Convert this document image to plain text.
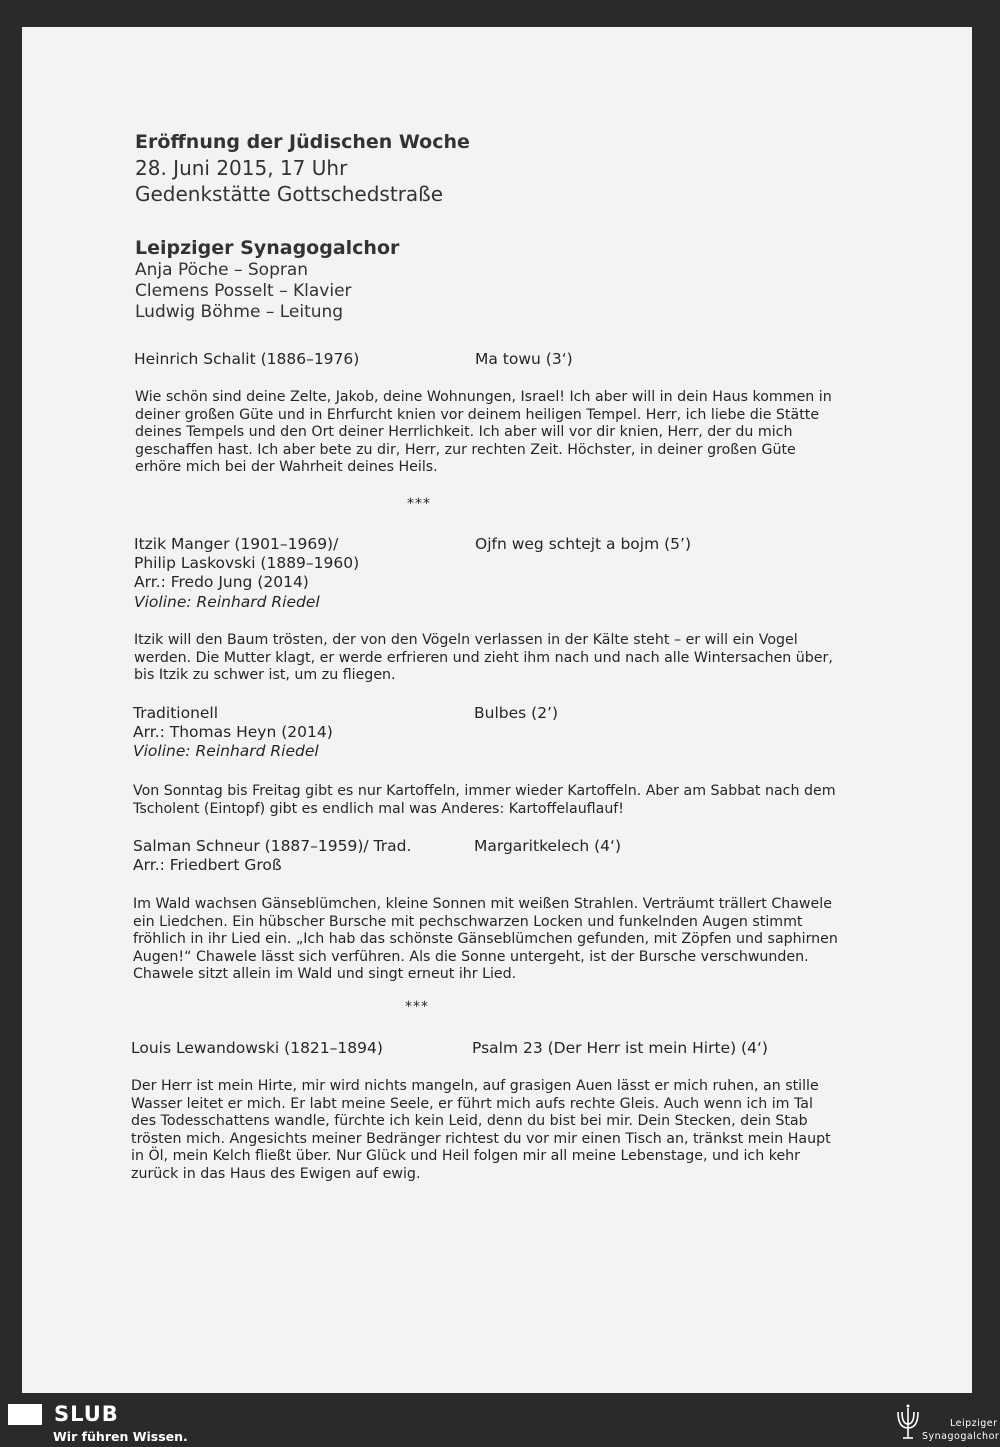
Eröffnung der Jüdischen Woche
28. Juni 2015, 17 Uhr
Gedenkstätte Gottschedstraße
Leipziger Synagogalchor
Anja Pöche – Sopran
Clemens Posselt – Klavier
Ludwig Böhme – Leitung
Heinrich Schalit (1886–1976)	Ma towu (3‘)
Wie schön sind deine Zelte, Jakob, deine Wohnungen, Israel! Ich aber will in dein Haus kommen in
deiner großen Güte und in Ehrfurcht knien vor deinem heiligen Tempel. Herr, ich liebe die Stätte
deines Tempels und den Ort deiner Herrlichkeit. Ich aber will vor dir knien, Herr, der du mich
geschaffen hast. Ich aber bete zu dir, Herr, zur rechten Zeit. Höchster, in deiner großen Güte
erhöre mich bei der Wahrheit deines Heils.
***
Itzik Manger (1901–1969)/
Philip Laskovski (1889–1960)
Arr.: Fredo Jung (2014)
Violine: Reinhard Riedel
Ojfn weg schtejt a bojm (5’)
Itzik will den Baum trösten, der von den Vögeln verlassen in der Kälte steht – er will ein Vogel
werden. Die Mutter klagt, er werde erfrieren und zieht ihm nach und nach alle Wintersachen über,
bis Itzik zu schwer ist, um zu fliegen.
Traditionell
Arr.: Thomas Heyn (2014)
Violine: Reinhard Riedel
Bulbes (2’)
Von Sonntag bis Freitag gibt es nur Kartoffeln, immer wieder Kartoffeln. Aber am Sabbat nach dem
Tscholent (Eintopf) gibt es endlich mal was Anderes: Kartoffelauflauf!
Salman Schneur (1887–1959)/ Trad.
Arr.: Friedbert Groß
Margaritkelech (4‘)
Im Wald wachsen Gänseblümchen, kleine Sonnen mit weißen Strahlen. Verträumt trällert Chawele
ein Liedchen. Ein hübscher Bursche mit pechschwarzen Locken und funkelnden Augen stimmt
fröhlich in ihr Lied ein. „Ich hab das schönste Gänseblümchen gefunden, mit Zöpfen und saphirnen
Augen!“ Chawele lässt sich verführen. Als die Sonne untergeht, ist der Bursche verschwunden.
Chawele sitzt allein im Wald und singt erneut ihr Lied.
***
Louis Lewandowski (1821–1894)	Psalm 23 (Der Herr ist mein Hirte) (4‘)
Der Herr ist mein Hirte, mir wird nichts mangeln, auf grasigen Auen lässt er mich ruhen, an stille
Wasser leitet er mich. Er labt meine Seele, er führt mich aufs rechte Gleis. Auch wenn ich im Tal
des Todesschattens wandle, fürchte ich kein Leid, denn du bist bei mir. Dein Stecken, dein Stab
trösten mich. Angesichts meiner Bedränger richtest du vor mir einen Tisch an, tränkst mein Haupt
in Öl, mein Kelch fließt über. Nur Glück und Heil folgen mir all meine Lebenstage, und ich kehr
zurück in das Haus des Ewigen auf ewig.
SLUB
Wir führen Wissen.
Leipziger
Synagogalchor
